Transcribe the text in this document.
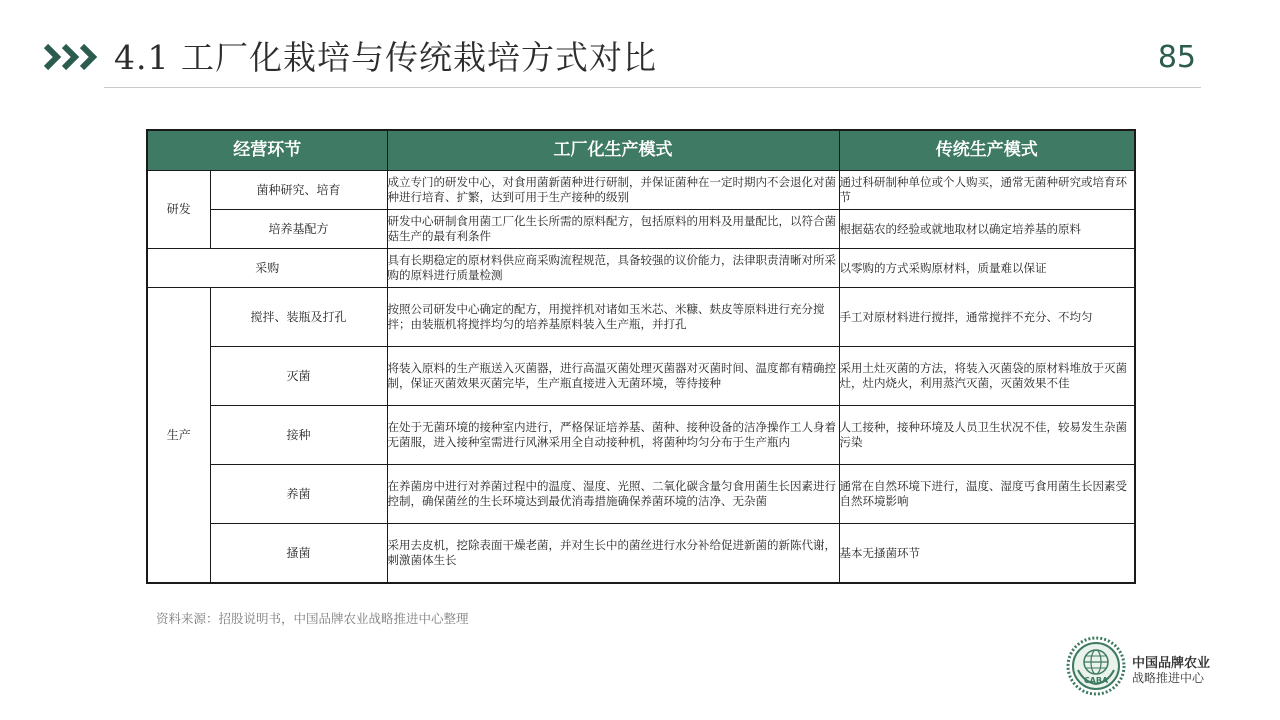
4.1 工厂化栽培与传统栽培方式对比	85
经营环节		工厂化生产模式	传统生产模式
研发	菌种研究、培育	成立专门的研发中心，对食用菌新菌种进行研制，并保证菌种在一定时期内不会退化对菌种进行培育、扩繁，达到可用于生产接种的级别	通过科研制种单位或个人购买，通常无菌种研究或培育环节
	培养基配方	研发中心研制食用菌工厂化生长所需的原料配方，包括原料的用料及用量配比，以符合菌菇生产的最有利条件	根据菇农的经验或就地取材以确定培养基的原料
采购		具有长期稳定的原材料供应商采购流程规范，具备较强的议价能力，法律职责清晰对所采购的原料进行质量检测	以零购的方式采购原材料，质量难以保证
生产	搅拌、装瓶及打孔	按照公司研发中心确定的配方，用搅拌机对诸如玉米芯、米糠、麸皮等原料进行充分搅拌；由装瓶机将搅拌均匀的培养基原料装入生产瓶，并打孔	手工对原材料进行搅拌，通常搅拌不充分、不均匀
	灭菌	将装入原料的生产瓶送入灭菌器，进行高温灭菌处理灭菌器对灭菌时间、温度都有精确控制，保证灭菌效果灭菌完毕，生产瓶直接进入无菌环境，等待接种	采用土灶灭菌的方法，将装入灭菌袋的原材料堆放于灭菌灶，灶内烧火，利用蒸汽灭菌，灭菌效果不佳
	接种	在处于无菌环境的接种室内进行，严格保证培养基、菌种、接种设备的洁净操作工人身着无菌服，进入接种室需进行风淋采用全自动接种机，将菌种均匀分布于生产瓶内	人工接种，接种环境及人员卫生状况不佳，较易发生杂菌污染
	养菌	在养菌房中进行对养菌过程中的温度、湿度、光照、二氧化碳含量匀食用菌生长因素进行控制，确保菌丝的生长环境达到最优消毒措施确保养菌环境的洁净、无杂菌	通常在自然环境下进行，温度、湿度丐食用菌生长因素受自然环境影响
	搔菌	采用去皮机，挖除表面干燥老菌，并对生长中的菌丝进行水分补给促进新菌的新陈代谢，刺激菌体生长	基本无搔菌环节
资料来源：招股说明书，中国品牌农业战略推进中心整理
CABA
中国品牌农业
战略推进中心
